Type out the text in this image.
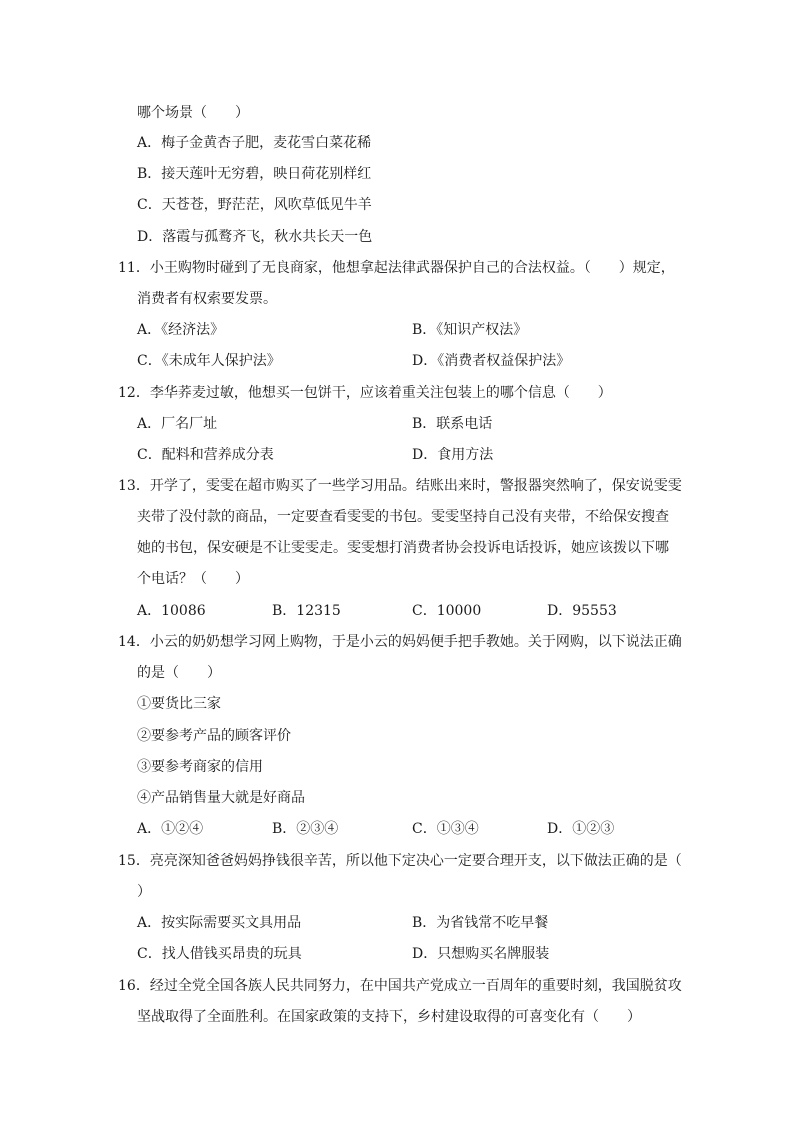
哪个场景（　　）
A．梅子金黄杏子肥，麦花雪白菜花稀
B．接天莲叶无穷碧，映日荷花别样红
C．天苍苍，野茫茫，风吹草低见牛羊
D．落霞与孤鹜齐飞，秋水共长天一色
11．小王购物时碰到了无良商家，他想拿起法律武器保护自己的合法权益。（　　）规定，
消费者有权索要发票。
A．《经济法》	B．《知识产权法》
C．《未成年人保护法》	D．《消费者权益保护法》
12．李华荞麦过敏，他想买一包饼干，应该着重关注包装上的哪个信息（　　）
A．厂名厂址	B．联系电话
C．配料和营养成分表	D．食用方法
13．开学了，雯雯在超市购买了一些学习用品。结账出来时，警报器突然响了，保安说雯雯
夹带了没付款的商品，一定要查看雯雯的书包。雯雯坚持自己没有夹带，不给保安搜查
她的书包，保安硬是不让雯雯走。雯雯想打消费者协会投诉电话投诉，她应该拨以下哪
个电话？（　　）
A．10086	B．12315	C．10000	D．95553
14．小云的奶奶想学习网上购物，于是小云的妈妈便手把手教她。关于网购，以下说法正确
的是（　　）
①要货比三家
②要参考产品的顾客评价
③要参考商家的信用
④产品销售量大就是好商品
A．①②④	B．②③④	C．①③④	D．①②③
15．亮亮深知爸爸妈妈挣钱很辛苦，所以他下定决心一定要合理开支，以下做法正确的是（
）
A．按实际需要买文具用品	B．为省钱常不吃早餐
C．找人借钱买昂贵的玩具	D．只想购买名牌服装
16．经过全党全国各族人民共同努力，在中国共产党成立一百周年的重要时刻，我国脱贫攻
坚战取得了全面胜利。在国家政策的支持下，乡村建设取得的可喜变化有（　　）
